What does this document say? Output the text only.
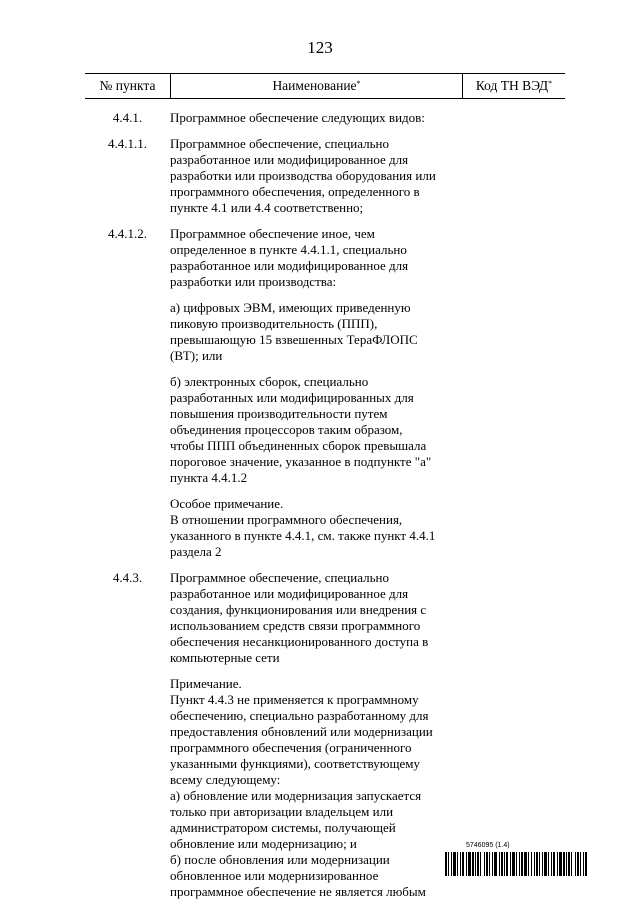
123
№ пункта	Наименование*	Код ТН ВЭД*
4.4.1.	Программное обеспечение следующих видов:

4.4.1.1.	Программное обеспечение, специально
разработанное или модифицированное для
разработки или производства оборудования или
программного обеспечения, определенного в
пункте 4.1 или 4.4 соответственно;

4.4.1.2.	Программное обеспечение иное, чем
определенное в пункте 4.4.1.1, специально
разработанное или модифицированное для
разработки или производства:

а) цифровых ЭВМ, имеющих приведенную
пиковую производительность (ППП),
превышающую 15 взвешенных ТераФЛОПС
(ВТ); или

б) электронных сборок, специально
разработанных или модифицированных для
повышения производительности путем
объединения процессоров таким образом,
чтобы ППП объединенных сборок превышала
пороговое значение, указанное в подпункте "а"
пункта 4.4.1.2

Особое примечание.
В отношении программного обеспечения,
указанного в пункте 4.4.1, см. также пункт 4.4.1
раздела 2

4.4.3.	Программное обеспечение, специально
разработанное или модифицированное для
создания, функционирования или внедрения с
использованием средств связи программного
обеспечения несанкционированного доступа в
компьютерные сети

Примечание.
Пункт 4.4.3 не применяется к программному
обеспечению, специально разработанному для
предоставления обновлений или модернизации
программного обеспечения (ограниченного
указанными функциями), соответствующему
всему следующему:
а) обновление или модернизация запускается
только при авторизации владельцем или
администратором системы, получающей
обновление или модернизацию; и
б) после обновления или модернизации
обновленное или модернизированное
программное обеспечение не является любым

5746095 (1.4)
